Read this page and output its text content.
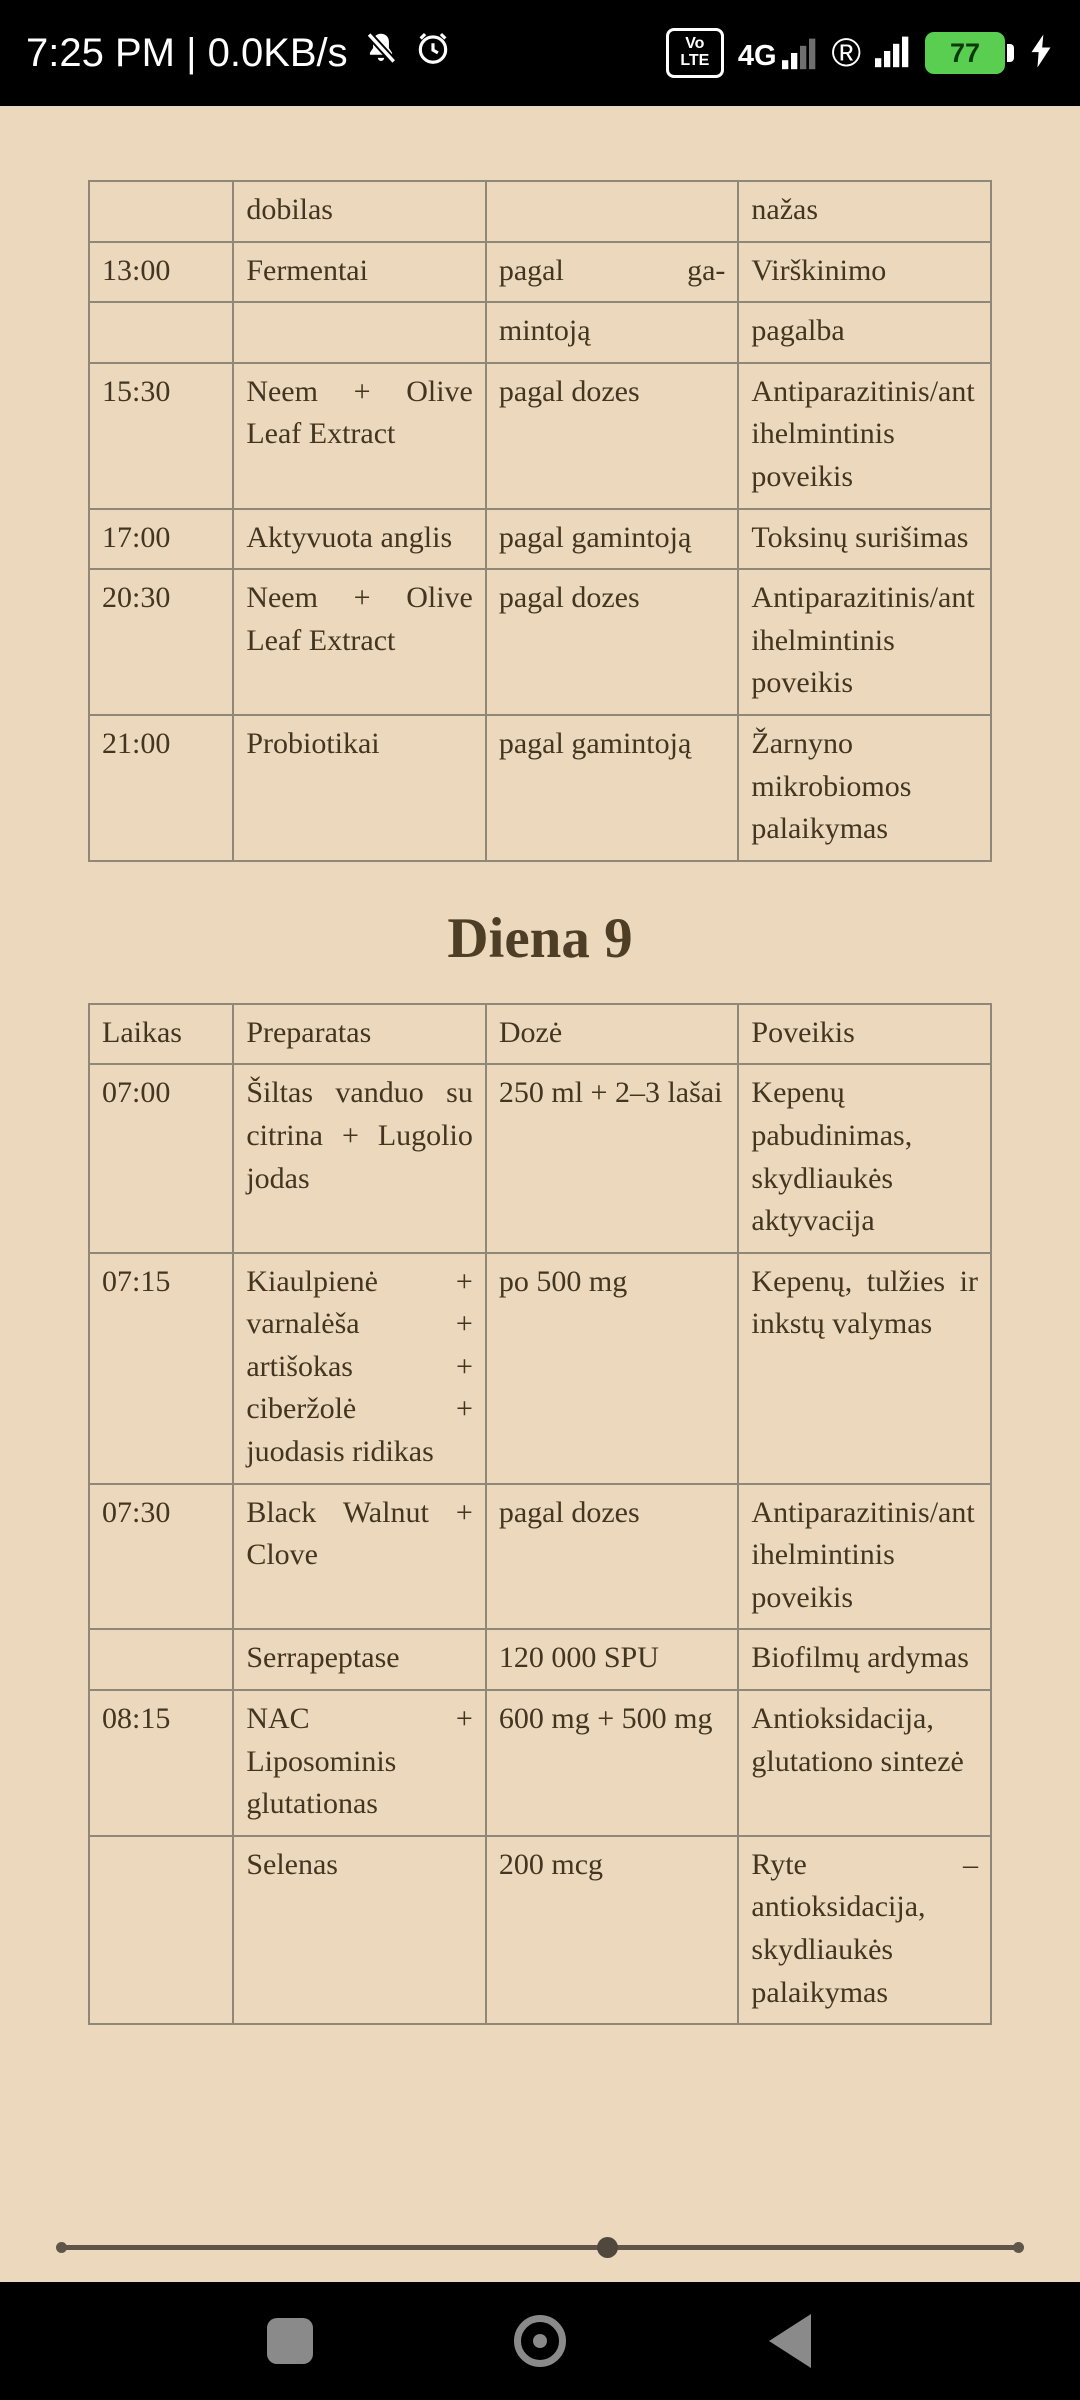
7:25 PM | 0.0KB/s	Vo
LTE 4G ®	77
	dobilas		nažas
13:00	Fermentai	pagal ga-	Virškinimo
		mintoją	pagalba
15:30	Neem + Olive Leaf Extract	pagal dozes	Antiparazitinis/antihelmintinis poveikis
17:00	Aktyvuota anglis	pagal gamintoją	Toksinų surišimas
20:30	Neem + Olive Leaf Extract	pagal dozes	Antiparazitinis/antihelmintinis poveikis
21:00	Probiotikai	pagal gamintoją	Žarnyno mikrobiomos palaikymas
Diena 9
Laikas	Preparatas	Dozė	Poveikis
07:00	Šiltas vanduo su citrina + Lugolio jodas	250 ml + 2–3 lašai	Kepenų pabudinimas, skydliaukės aktyvacija
07:15	Kiaulpienė + varnalėša + artišokas + ciberžolė + juodasis ridikas	po 500 mg	Kepenų, tulžies ir inkstų valymas
07:30	Black Walnut + Clove	pagal dozes	Antiparazitinis/antihelmintinis poveikis
	Serrapeptase	120 000 SPU	Biofilmų ardymas
08:15	NAC + Liposominis glutationas	600 mg + 500 mg	Antioksidacija, glutationo sintezė
	Selenas	200 mcg	Ryte – antioksidacija, skydliaukės palaikymas
